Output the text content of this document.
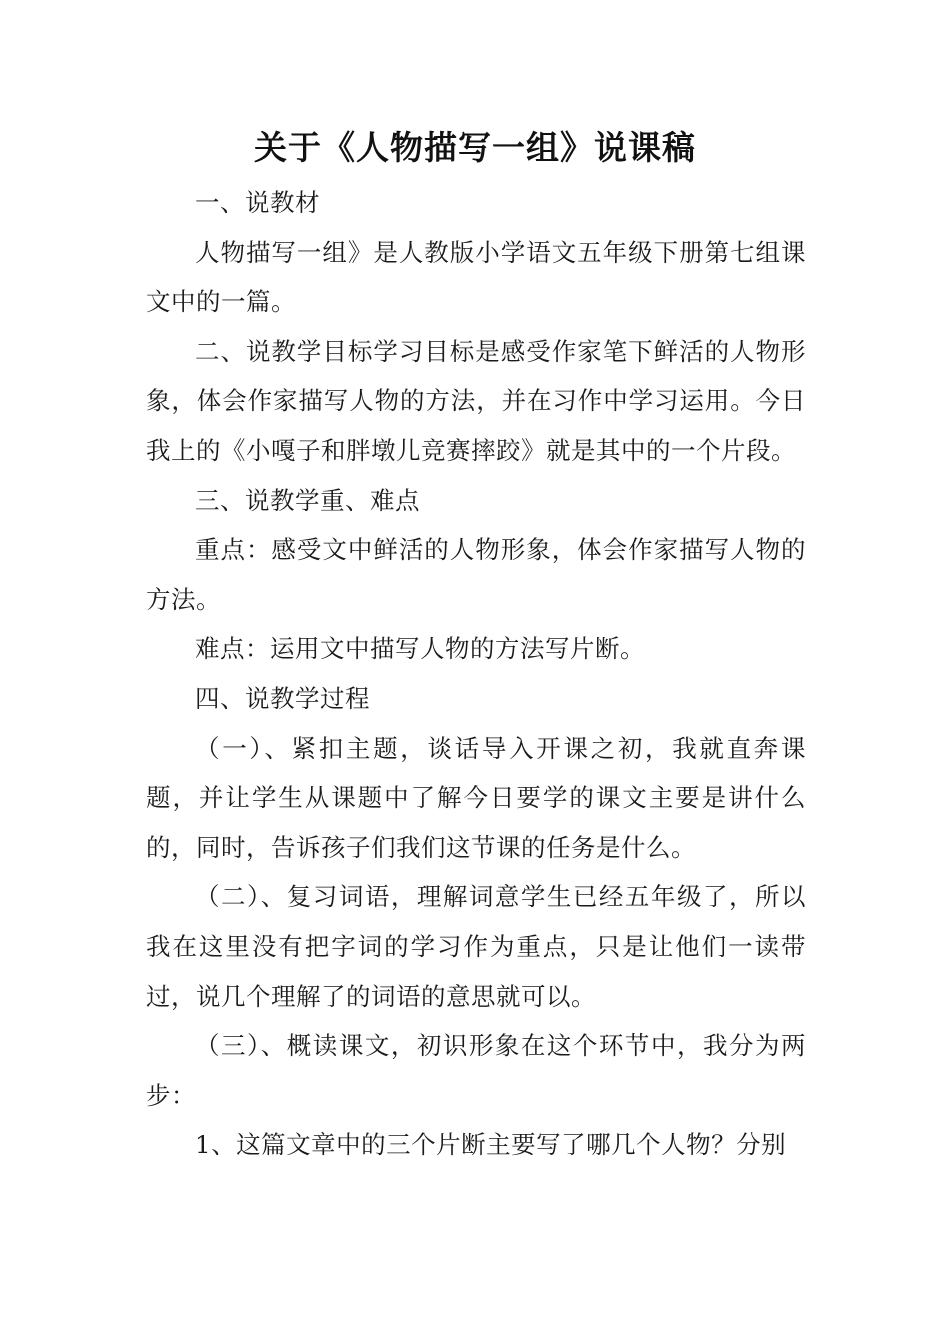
关于《人物描写一组》说课稿

一、说教材

人物描写一组》是人教版小学语文五年级下册第七组课文中的一篇。

二、说教学目标学习目标是感受作家笔下鲜活的人物形象，体会作家描写人物的方法，并在习作中学习运用。今日我上的《小嘎子和胖墩儿竞赛摔跤》就是其中的一个片段。

三、说教学重、难点

重点：感受文中鲜活的人物形象，体会作家描写人物的方法。

难点：运用文中描写人物的方法写片断。

四、说教学过程

（一）、紧扣主题，谈话导入开课之初，我就直奔课题，并让学生从课题中了解今日要学的课文主要是讲什么的，同时，告诉孩子们我们这节课的任务是什么。

（二）、复习词语，理解词意学生已经五年级了，所以我在这里没有把字词的学习作为重点，只是让他们一读带过，说几个理解了的词语的意思就可以。

（三）、概读课文，初识形象在这个环节中，我分为两步：

1、这篇文章中的三个片断主要写了哪几个人物？分别
